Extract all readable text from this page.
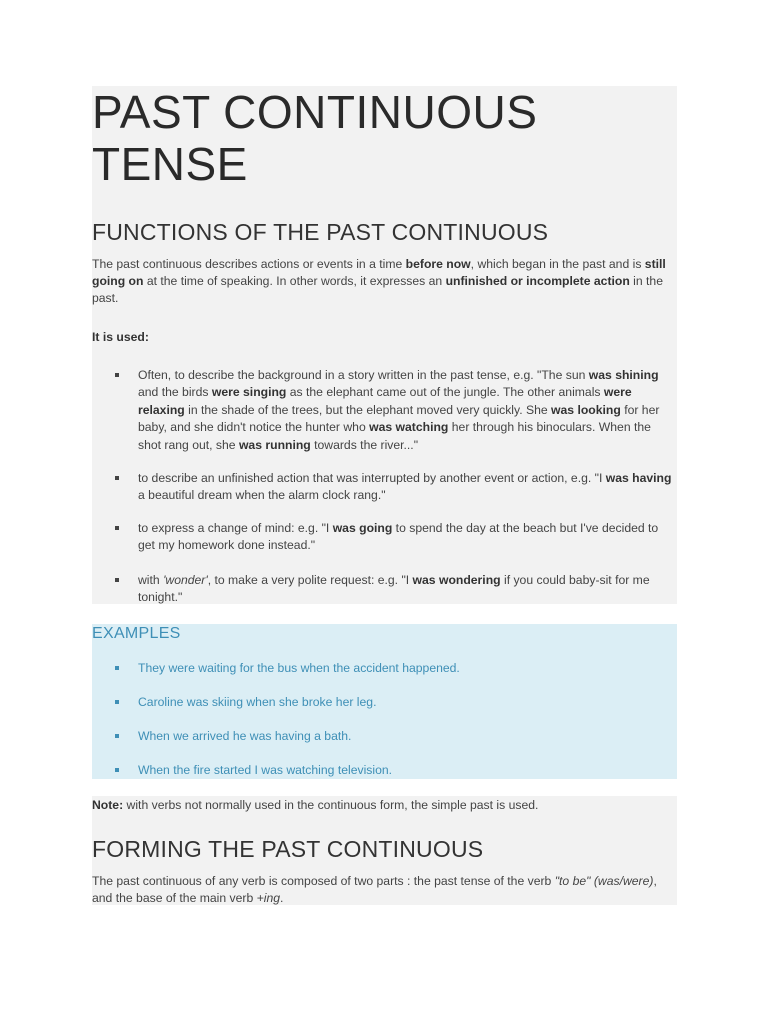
PAST CONTINUOUS
TENSE
FUNCTIONS OF THE PAST CONTINUOUS

The past continuous describes actions or events in a time before now, which began in the past and is still going on at the time of speaking. In other words, it expresses an unfinished or incomplete action in the past.

It is used:

Often, to describe the background in a story written in the past tense, e.g. "The sun was shining and the birds were singing as the elephant came out of the jungle. The other animals were relaxing in the shade of the trees, but the elephant moved very quickly. She was looking for her baby, and she didn't notice the hunter who was watching her through his binoculars. When the shot rang out, she was running towards the river..."
to describe an unfinished action that was interrupted by another event or action, e.g. "I was having a beautiful dream when the alarm clock rang."
to express a change of mind: e.g. "I was going to spend the day at the beach but I've decided to get my homework done instead."
with 'wonder', to make a very polite request: e.g. "I was wondering if you could baby-sit for me tonight."
EXAMPLES
They were waiting for the bus when the accident happened.
Caroline was skiing when she broke her leg.
When we arrived he was having a bath.
When the fire started I was watching television.

Note: with verbs not normally used in the continuous form, the simple past is used.

FORMING THE PAST CONTINUOUS

The past continuous of any verb is composed of two parts : the past tense of the verb "to be" (was/were), and the base of the main verb +ing.
